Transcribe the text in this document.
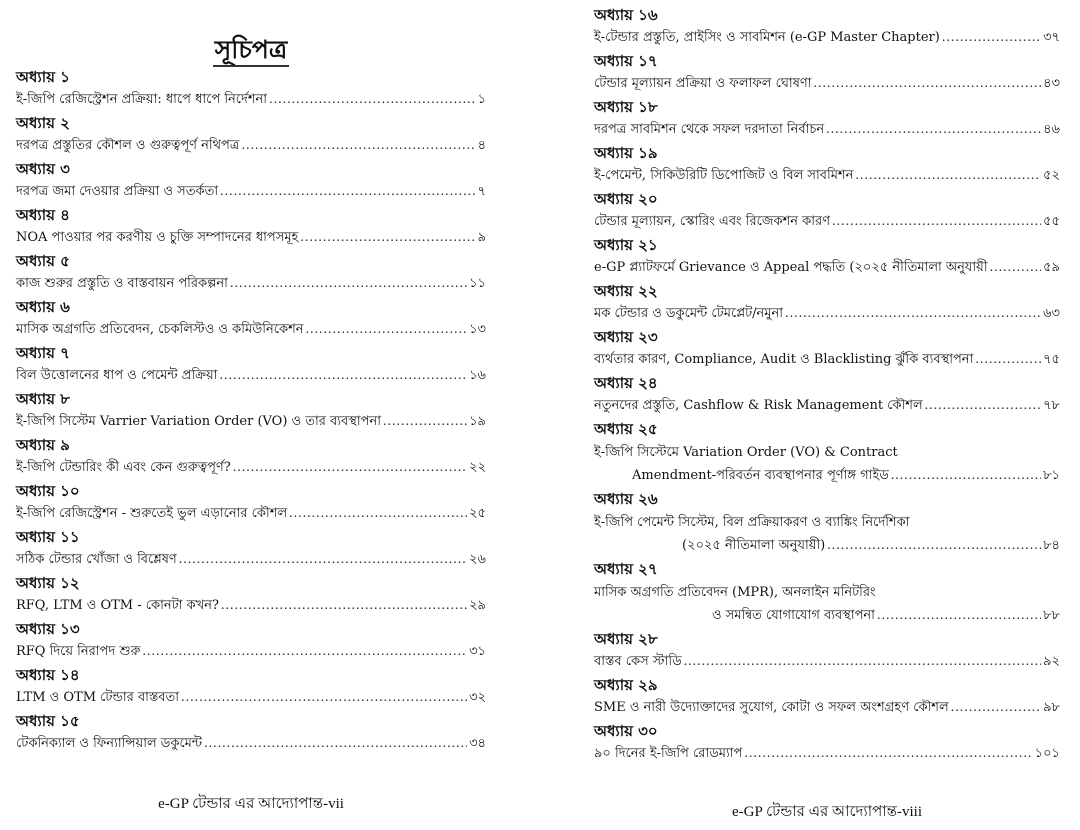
সূচিপত্র
অধ্যায় ১
ই-জিপি রেজিস্ট্রেশন প্রক্রিয়া: ধাপে ধাপে নির্দেশনা .....	১
অধ্যায় ২
দরপত্র প্রস্তুতির কৌশল ও গুরুত্বপূর্ণ নথিপত্র .....	৪
অধ্যায় ৩
দরপত্র জমা দেওয়ার প্রক্রিয়া ও সতর্কতা .....	৭
অধ্যায় ৪
NOA পাওয়ার পর করণীয় ও চুক্তি সম্পাদনের ধাপসমূহ .....	৯
অধ্যায় ৫
কাজ শুরুর প্রস্তুতি ও বাস্তবায়ন পরিকল্পনা .....	১১
অধ্যায় ৬
মাসিক অগ্রগতি প্রতিবেদন, চেকলিস্টও ও কমিউনিকেশন .....	১৩
অধ্যায় ৭
বিল উত্তোলনের ধাপ ও পেমেন্ট প্রক্রিয়া .....	১৬
অধ্যায় ৮
ই-জিপি সিস্টেম Varrier Variation Order (VO) ও তার ব্যবস্থাপনা .....	১৯
অধ্যায় ৯
ই-জিপি টেন্ডারিং কী এবং কেন গুরুত্বপূর্ণ? .....	২২
অধ্যায় ১০
ই-জিপি রেজিস্ট্রেশন - শুরুতেই ভুল এড়ানোর কৌশল .....	২৫
অধ্যায় ১১
সঠিক টেন্ডার খোঁজা ও বিশ্লেষণ .....	২৬
অধ্যায় ১২
RFQ, LTM ও OTM - কোনটা কখন? .....	২৯
অধ্যায় ১৩
RFQ দিয়ে নিরাপদ শুরু .....	৩১
অধ্যায় ১৪
LTM ও OTM টেন্ডার বাস্তবতা .....	৩২
অধ্যায় ১৫
টেকনিক্যাল ও ফিন্যান্সিয়াল ডকুমেন্ট .....	৩৪
e-GP টেন্ডার এর আদ্যোপান্ত-vii
অধ্যায় ১৬
ই-টেন্ডার প্রস্তুতি, প্রাইসিং ও সাবমিশন (e-GP Master Chapter) .....	৩৭
অধ্যায় ১৭
টেন্ডার মূল্যায়ন প্রক্রিয়া ও ফলাফল ঘোষণা .....	৪৩
অধ্যায় ১৮
দরপত্র সাবমিশন থেকে সফল দরদাতা নির্বাচন .....	৪৬
অধ্যায় ১৯
ই-পেমেন্ট, সিকিউরিটি ডিপোজিট ও বিল সাবমিশন .....	৫২
অধ্যায় ২০
টেন্ডার মূল্যায়ন, স্কোরিং এবং রিজেকশন কারণ .....	৫৫
অধ্যায় ২১
e-GP প্ল্যাটফর্মে Grievance ও Appeal পদ্ধতি (২০২৫ নীতিমালা অনুযায়ী .....	৫৯
অধ্যায় ২২
মক টেন্ডার ও ডকুমেন্ট টেমপ্লেট/নমুনা .....	৬৩
অধ্যায় ২৩
ব্যর্থতার কারণ, Compliance, Audit ও Blacklisting ঝুঁকি ব্যবস্থাপনা .....	৭৫
অধ্যায় ২৪
নতুনদের প্রস্তুতি, Cashflow & Risk Management কৌশল .....	৭৮
অধ্যায় ২৫
ই-জিপি সিস্টেমে Variation Order (VO) & Contract
Amendment-পরিবর্তন ব্যবস্থাপনার পূর্ণাঙ্গ গাইড .....	৮১
অধ্যায় ২৬
ই-জিপি পেমেন্ট সিস্টেম, বিল প্রক্রিয়াকরণ ও ব্যাঙ্কিং নির্দেশিকা
(২০২৫ নীতিমালা অনুযায়ী) .....	৮৪
অধ্যায় ২৭
মাসিক অগ্রগতি প্রতিবেদন (MPR), অনলাইন মনিটরিং
ও সমন্বিত যোগাযোগ ব্যবস্থাপনা .....	৮৮
অধ্যায় ২৮
বাস্তব কেস স্টাডি .....	৯২
অধ্যায় ২৯
SME ও নারী উদ্যোক্তাদের সুযোগ, কোটা ও সফল অংশগ্রহণ কৌশল .....	৯৮
অধ্যায় ৩০
৯০ দিনের ই-জিপি রোডম্যাপ .....	১০১
e-GP টেন্ডার এর আদ্যোপান্ত-viii
